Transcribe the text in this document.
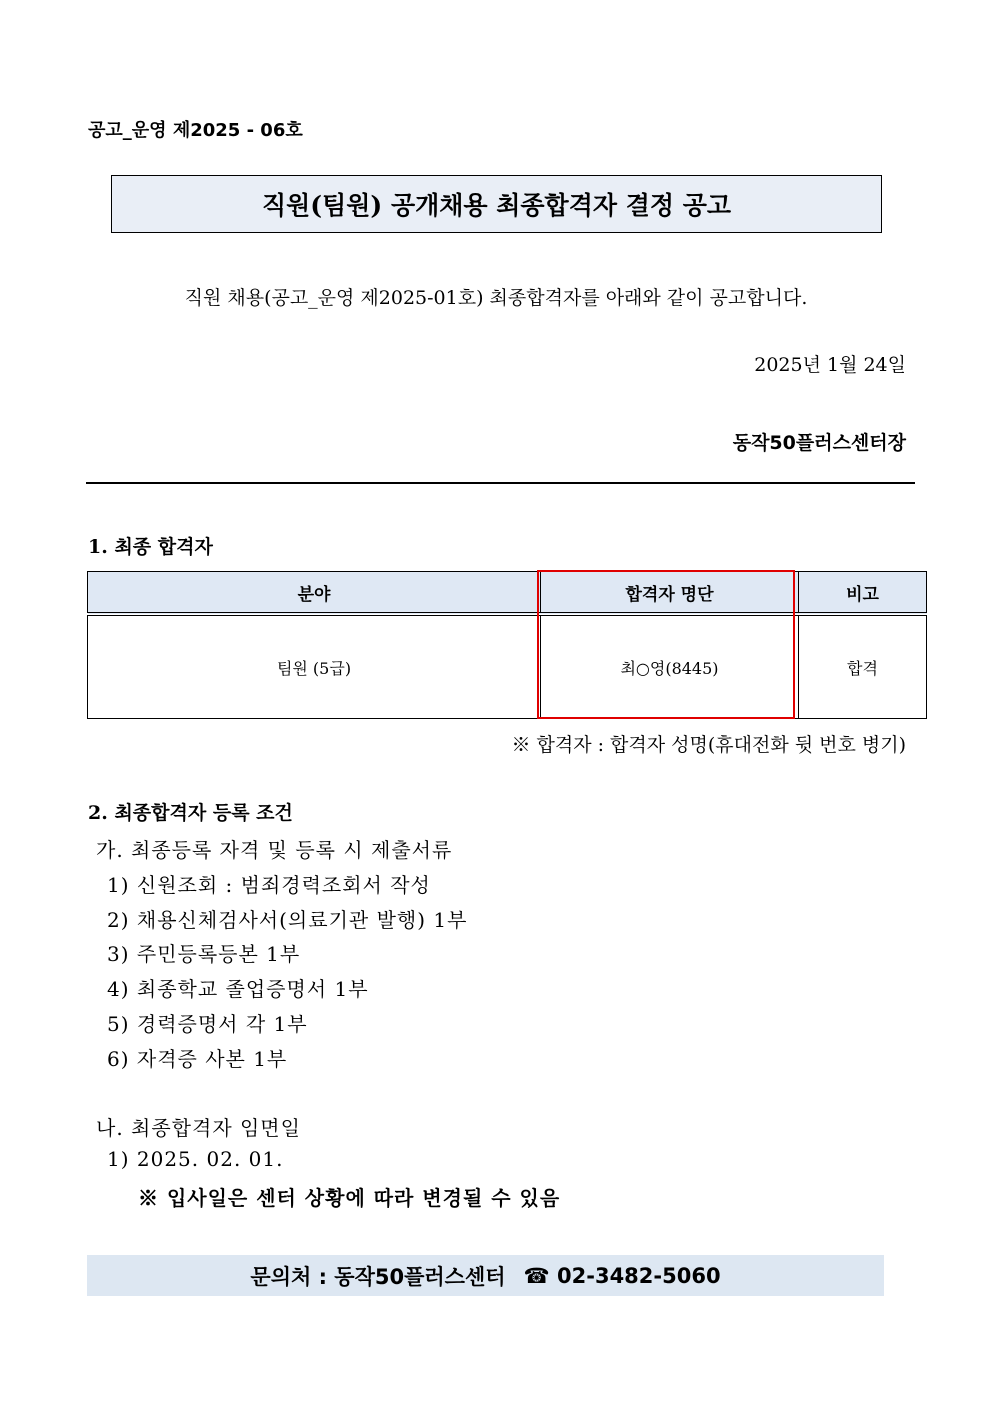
공고_운영 제2025 - 06호
직원(팀원) 공개채용 최종합격자 결정 공고
직원 채용(공고_운영 제2025-01호) 최종합격자를 아래와 같이 공고합니다.
2025년 1월 24일
동작50플러스센터장
1. 최종 합격자
분야	합격자 명단	비고
팀원 (5급)	최○영(8445)	합격
※ 합격자 : 합격자 성명(휴대전화 뒷 번호 병기)
2. 최종합격자 등록 조건
가. 최종등록 자격 및 등록 시 제출서류
1) 신원조회 : 범죄경력조회서 작성
2) 채용신체검사서(의료기관 발행) 1부
3) 주민등록등본 1부
4) 최종학교 졸업증명서 1부
5) 경력증명서 각 1부
6) 자격증 사본 1부
나. 최종합격자 임면일
1) 2025. 02. 01.
※ 입사일은 센터 상황에 따라 변경될 수 있음
문의처 : 동작50플러스센터 ☎ 02-3482-5060
